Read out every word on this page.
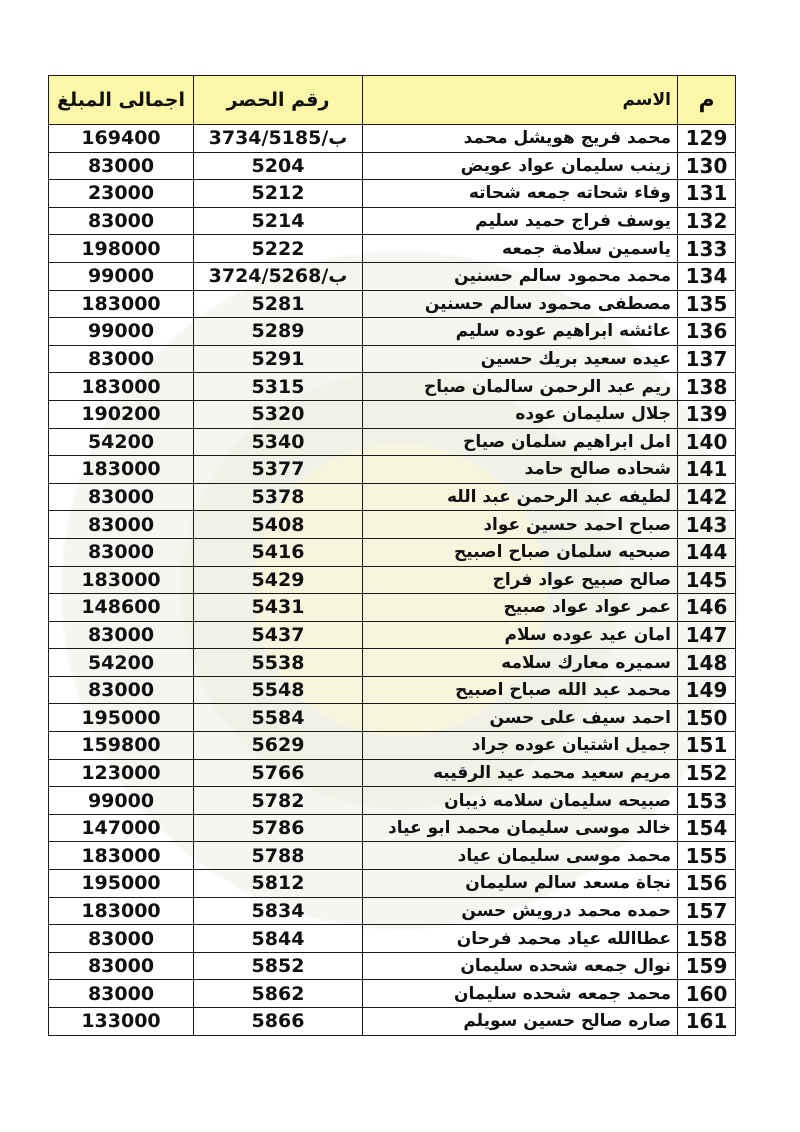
م	الاسم	رقم الحصر	اجمالى المبلغ
129	محمد فريج هويشل محمد	ب/3734/5185	169400
130	زينب سليمان عواد عويض	5204	83000
131	وفاء شحاته جمعه شحاته	5212	23000
132	يوسف فراج حميد سليم	5214	83000
133	ياسمين سلامة جمعه	5222	198000
134	محمد محمود سالم حسنين	ب/3724/5268	99000
135	مصطفى محمود سالم حسنين	5281	183000
136	عائشه ابراهيم عوده سليم	5289	99000
137	عيده سعيد بريك حسين	5291	83000
138	ريم عبد الرحمن سالمان صباح	5315	183000
139	جلال سليمان عوده	5320	190200
140	امل ابراهيم سلمان صياح	5340	54200
141	شحاده صالح حامد	5377	183000
142	لطيفه عبد الرحمن عبد الله	5378	83000
143	صباح احمد حسين عواد	5408	83000
144	صبحيه سلمان صباح اصبيح	5416	83000
145	صالح صبيح عواد فراج	5429	183000
146	عمر عواد عواد صبيح	5431	148600
147	امان عيد عوده سلام	5437	83000
148	سميره معارك سلامه	5538	54200
149	محمد عبد الله صباح اصبيح	5548	83000
150	احمد سيف على حسن	5584	195000
151	جميل اشتيان عوده جراد	5629	159800
152	مريم سعيد محمد عيد الرقيبه	5766	123000
153	صبيحه سليمان سلامه ذيبان	5782	99000
154	خالد موسى سليمان محمد ابو عياد	5786	147000
155	محمد موسى سليمان عياد	5788	183000
156	نجاة مسعد سالم سليمان	5812	195000
157	حمده محمد درويش حسن	5834	183000
158	عطاالله عياد محمد فرحان	5844	83000
159	نوال جمعه شحده سليمان	5852	83000
160	محمد جمعه شحده سليمان	5862	83000
161	صاره صالح حسين سويلم	5866	133000
